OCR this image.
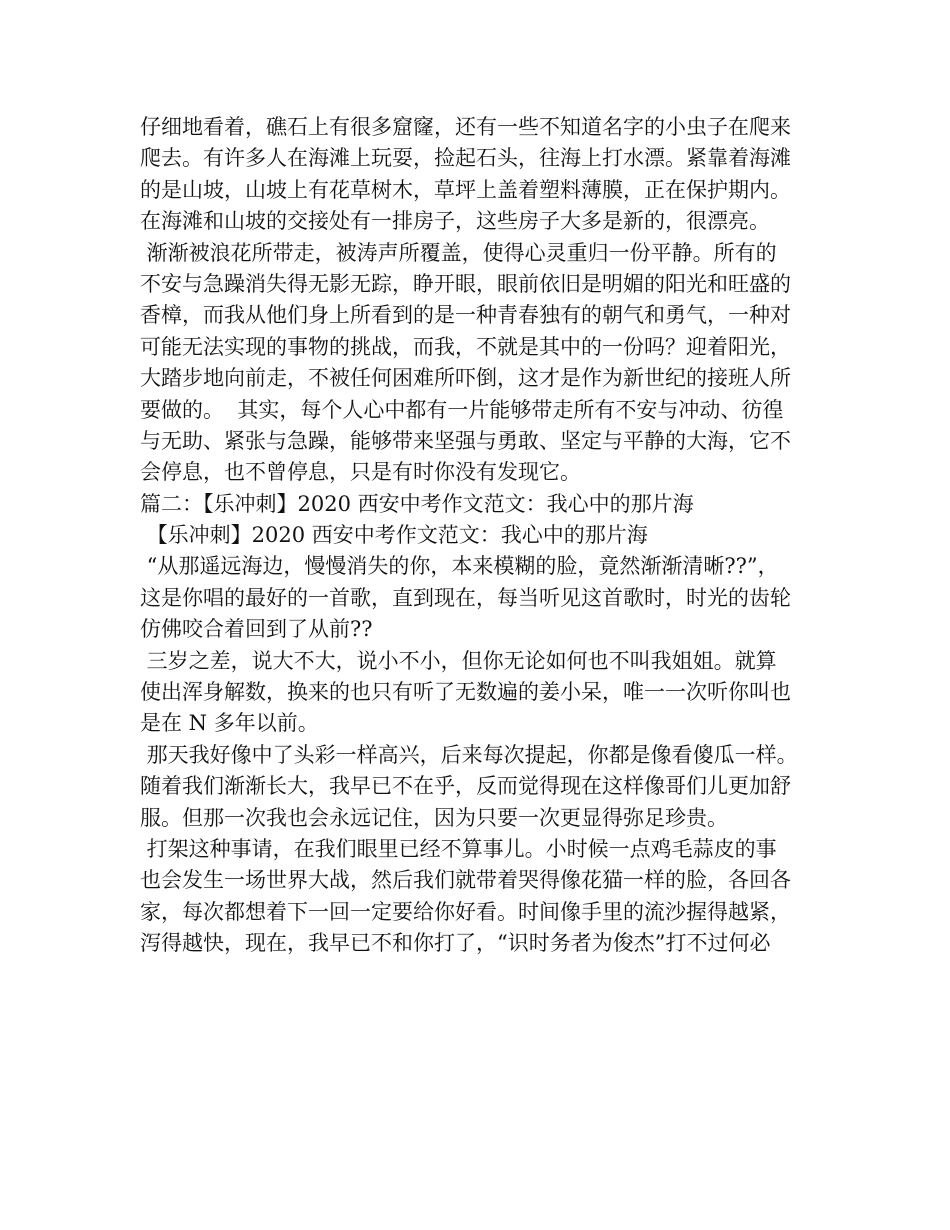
仔细地看着，礁石上有很多窟窿，还有一些不知道名字的小虫子在爬来
爬去。有许多人在海滩上玩耍，捡起石头，往海上打水漂。紧靠着海滩
的是山坡，山坡上有花草树木，草坪上盖着塑料薄膜，正在保护期内。
在海滩和山坡的交接处有一排房子，这些房子大多是新的，很漂亮。
渐渐被浪花所带走，被涛声所覆盖，使得心灵重归一份平静。所有的
不安与急躁消失得无影无踪，睁开眼，眼前依旧是明媚的阳光和旺盛的
香樟，而我从他们身上所看到的是一种青春独有的朝气和勇气，一种对
可能无法实现的事物的挑战，而我，不就是其中的一份吗？迎着阳光，
大踏步地向前走，不被任何困难所吓倒，这才是作为新世纪的接班人所
要做的。  其实，每个人心中都有一片能够带走所有不安与冲动、彷徨
与无助、紧张与急躁，能够带来坚强与勇敢、坚定与平静的大海，它不
会停息，也不曾停息，只是有时你没有发现它。
篇二：【乐冲刺】2020 西安中考作文范文：我心中的那片海
【乐冲刺】2020 西安中考作文范文：我心中的那片海
“从那遥远海边，慢慢消失的你，本来模糊的脸，竟然渐渐清晰??”，
这是你唱的最好的一首歌，直到现在，每当听见这首歌时，时光的齿轮
仿佛咬合着回到了从前??
三岁之差，说大不大，说小不小，但你无论如何也不叫我姐姐。就算
使出浑身解数，换来的也只有听了无数遍的姜小呆，唯一一次听你叫也
是在 N 多年以前。
那天我好像中了头彩一样高兴，后来每次提起，你都是像看傻瓜一样。
随着我们渐渐长大，我早已不在乎，反而觉得现在这样像哥们儿更加舒
服。但那一次我也会永远记住，因为只要一次更显得弥足珍贵。
打架这种事请，在我们眼里已经不算事儿。小时候一点鸡毛蒜皮的事
也会发生一场世界大战，然后我们就带着哭得像花猫一样的脸，各回各
家，每次都想着下一回一定要给你好看。时间像手里的流沙握得越紧，
泻得越快，现在，我早已不和你打了，“识时务者为俊杰”打不过何必
